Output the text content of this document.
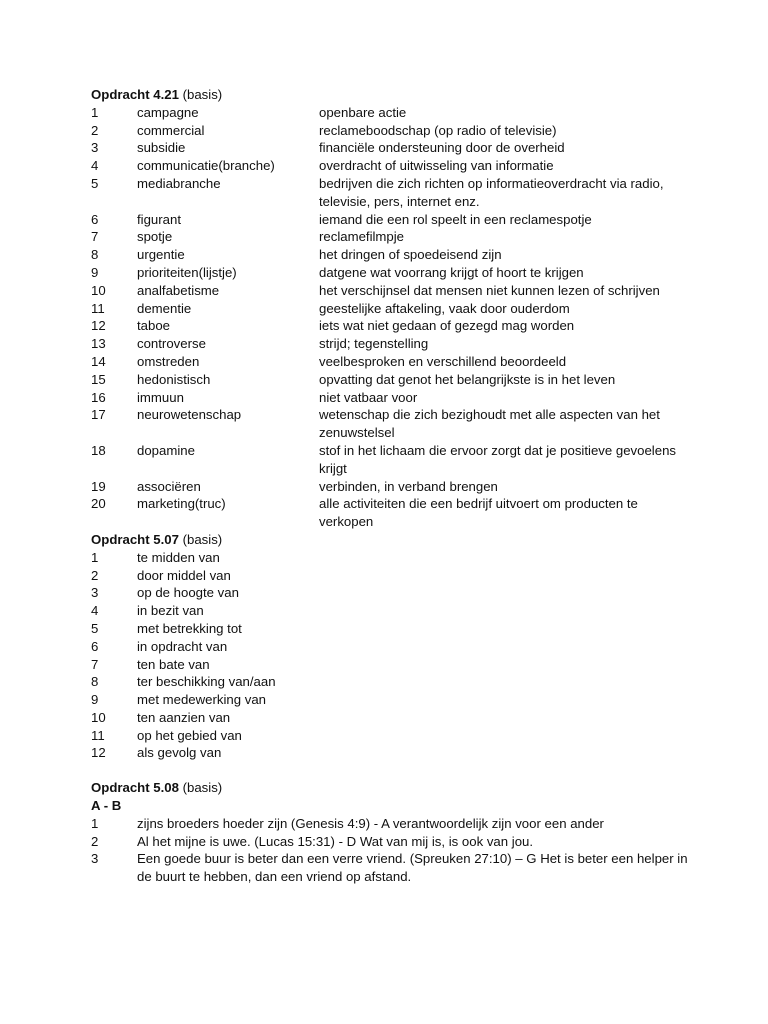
Opdracht 4.21 (basis)
1	campagne	openbare actie
2	commercial	reclameboodschap (op radio of televisie)
3	subsidie	financiële ondersteuning door de overheid
4	communicatie(branche)	overdracht of uitwisseling van informatie
5	mediabranche	bedrijven die zich richten op informatieoverdracht via radio, televisie, pers, internet enz.
6	figurant	iemand die een rol speelt in een reclamespotje
7	spotje	reclamefilmpje
8	urgentie	het dringen of spoedeisend zijn
9	prioriteiten(lijstje)	datgene wat voorrang krijgt of hoort te krijgen
10	analfabetisme	het verschijnsel dat mensen niet kunnen lezen of schrijven
11	dementie	geestelijke aftakeling, vaak door ouderdom
12	taboe	iets wat niet gedaan of gezegd mag worden
13	controverse	strijd; tegenstelling
14	omstreden	veelbesproken en verschillend beoordeeld
15	hedonistisch	opvatting dat genot het belangrijkste is in het leven
16	immuun	niet vatbaar voor
17	neurowetenschap	wetenschap die zich bezighoudt met alle aspecten van het zenuwstelsel
18	dopamine	stof in het lichaam die ervoor zorgt dat je positieve gevoelens krijgt
19	associëren	verbinden, in verband brengen
20	marketing(truc)	alle activiteiten die een bedrijf uitvoert om producten te verkopen
Opdracht 5.07 (basis)
1	te midden van
2	door middel van
3	op de hoogte van
4	in bezit van
5	met betrekking tot
6	in opdracht van
7	ten bate van
8	ter beschikking van/aan
9	met medewerking van
10	ten aanzien van
11	op het gebied van
12	als gevolg van
Opdracht 5.08 (basis)
A - B
1	zijns broeders hoeder zijn (Genesis 4:9) - A verantwoordelijk zijn voor een ander
2	Al het mijne is uwe. (Lucas 15:31) - D Wat van mij is, is ook van jou.
3	Een goede buur is beter dan een verre vriend. (Spreuken 27:10) – G Het is beter een helper in de buurt te hebben, dan een vriend op afstand.
